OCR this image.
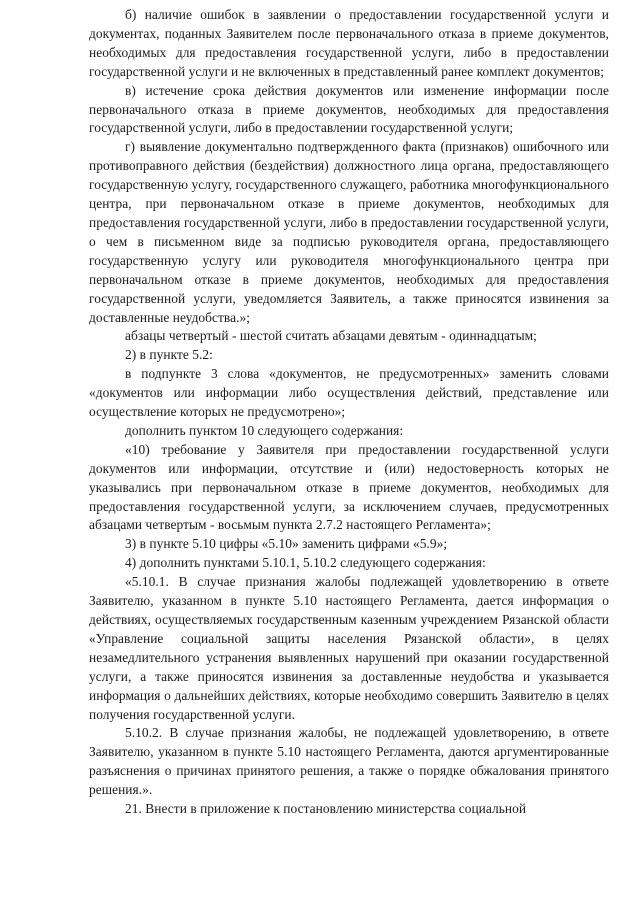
б) наличие ошибок в заявлении о предоставлении государственной услуги и документах, поданных Заявителем после первоначального отказа в приеме документов, необходимых для предоставления государственной услуги, либо в предоставлении государственной услуги и не включенных в представленный ранее комплект документов;

в) истечение срока действия документов или изменение информации после первоначального отказа в приеме документов, необходимых для предоставления государственной услуги, либо в предоставлении государственной услуги;

г) выявление документально подтвержденного факта (признаков) ошибочного или противоправного действия (бездействия) должностного лица органа, предоставляющего государственную услугу, государственного служащего, работника многофункционального центра, при первоначальном отказе в приеме документов, необходимых для предоставления государственной услуги, либо в предоставлении государственной услуги, о чем в письменном виде за подписью руководителя органа, предоставляющего государственную услугу или руководителя многофункционального центра при первоначальном отказе в приеме документов, необходимых для предоставления государственной услуги, уведомляется Заявитель, а также приносятся извинения за доставленные неудобства.»;

абзацы четвертый - шестой считать абзацами девятым - одиннадцатым;

2) в пункте 5.2:

в подпункте 3 слова «документов, не предусмотренных» заменить словами «документов или информации либо осуществления действий, представление или осуществление которых не предусмотрено»;

дополнить пунктом 10 следующего содержания:

«10) требование у Заявителя при предоставлении государственной услуги документов или информации, отсутствие и (или) недостоверность которых не указывались при первоначальном отказе в приеме документов, необходимых для предоставления государственной услуги, за исключением случаев, предусмотренных абзацами четвертым - восьмым пункта 2.7.2 настоящего Регламента»;

3) в пункте 5.10 цифры «5.10» заменить цифрами «5.9»;

4) дополнить пунктами 5.10.1, 5.10.2 следующего содержания:

«5.10.1. В случае признания жалобы подлежащей удовлетворению в ответе Заявителю, указанном в пункте 5.10 настоящего Регламента, дается информация о действиях, осуществляемых государственным казенным учреждением Рязанской области «Управление социальной защиты населения Рязанской области», в целях незамедлительного устранения выявленных нарушений при оказании государственной услуги, а также приносятся извинения за доставленные неудобства и указывается информация о дальнейших действиях, которые необходимо совершить Заявителю в целях получения государственной услуги.

5.10.2. В случае признания жалобы, не подлежащей удовлетворению, в ответе Заявителю, указанном в пункте 5.10 настоящего Регламента, даются аргументированные разъяснения о причинах принятого решения, а также о порядке обжалования принятого решения.».

21. Внести в приложение к постановлению министерства социальной
